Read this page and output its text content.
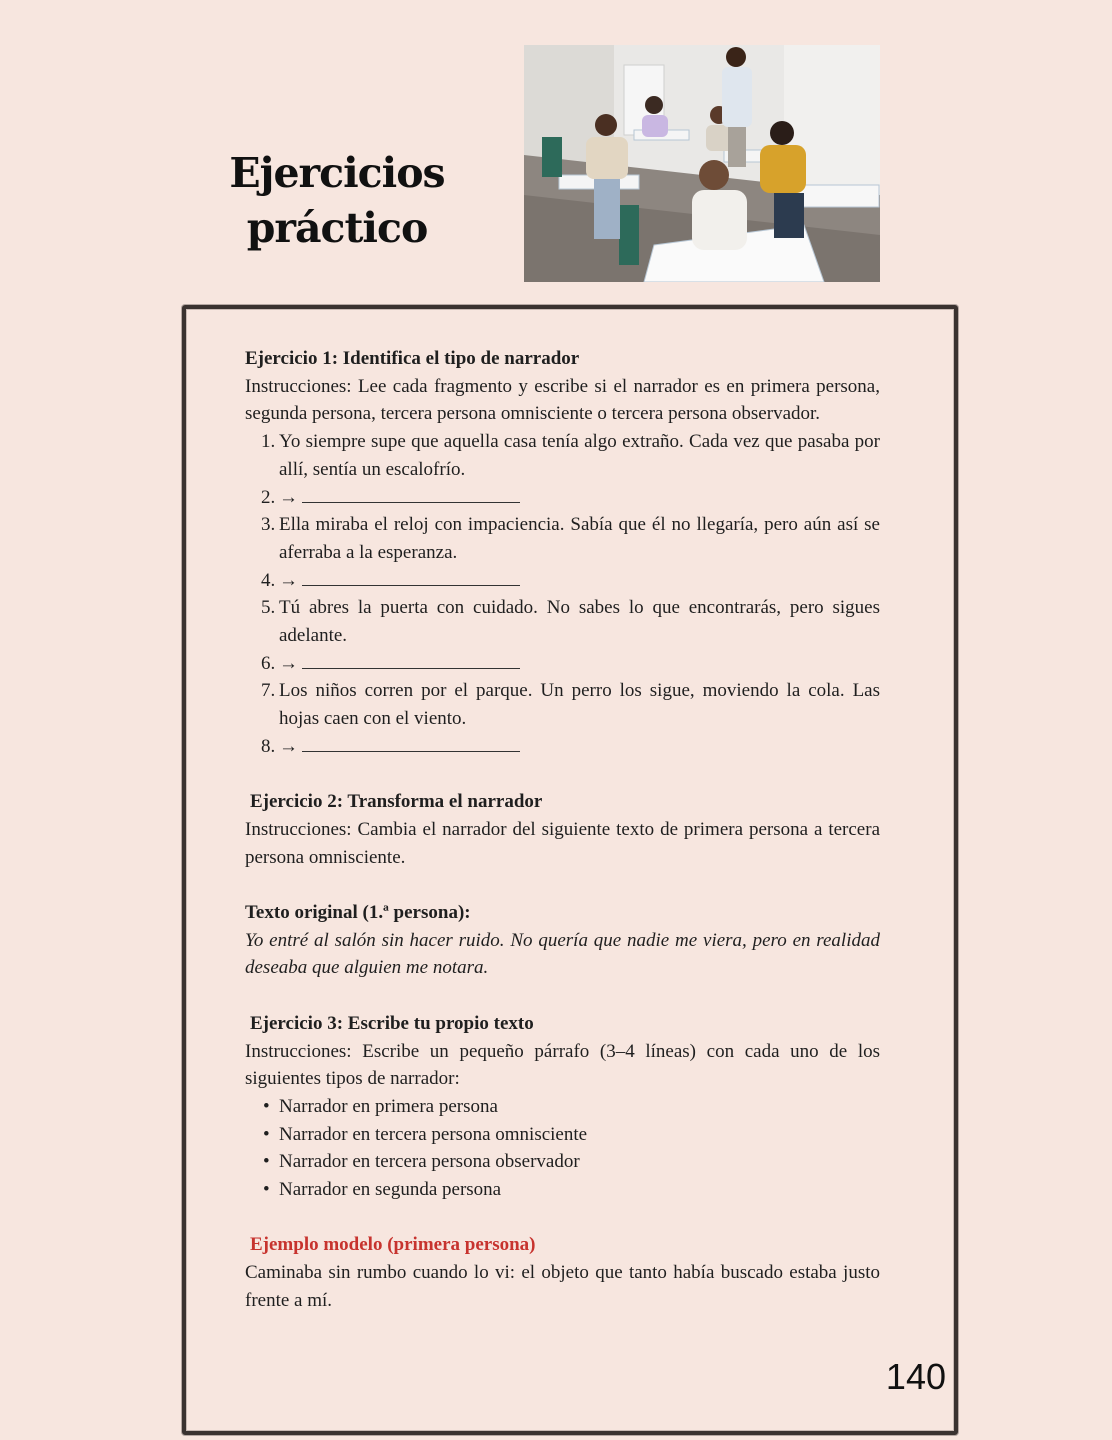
Ejercicios
práctico

Ejercicio 1: Identifica el tipo de narrador

Instrucciones: Lee cada fragmento y escribe si el narrador es en primera persona, segunda persona, tercera persona omnisciente o tercera persona observador.

1. Yo siempre supe que aquella casa tenía algo extraño. Cada vez que pasaba por allí, sentía un escalofrío.
2. →
3. Ella miraba el reloj con impaciencia. Sabía que él no llegaría, pero aún así se aferraba a la esperanza.
4. →
5. Tú abres la puerta con cuidado. No sabes lo que encontrarás, pero sigues adelante.
6. →
7. Los niños corren por el parque. Un perro los sigue, moviendo la cola. Las hojas caen con el viento.
8. →

Ejercicio 2: Transforma el narrador

Instrucciones: Cambia el narrador del siguiente texto de primera persona a tercera persona omnisciente.

Texto original (1.ª persona):

Yo entré al salón sin hacer ruido. No quería que nadie me viera, pero en realidad deseaba que alguien me notara.

Ejercicio 3: Escribe tu propio texto

Instrucciones: Escribe un pequeño párrafo (3–4 líneas) con cada uno de los siguientes tipos de narrador:

• Narrador en primera persona
• Narrador en tercera persona omnisciente
• Narrador en tercera persona observador
• Narrador en segunda persona

Ejemplo modelo (primera persona)

Caminaba sin rumbo cuando lo vi: el objeto que tanto había buscado estaba justo frente a mí.

140
